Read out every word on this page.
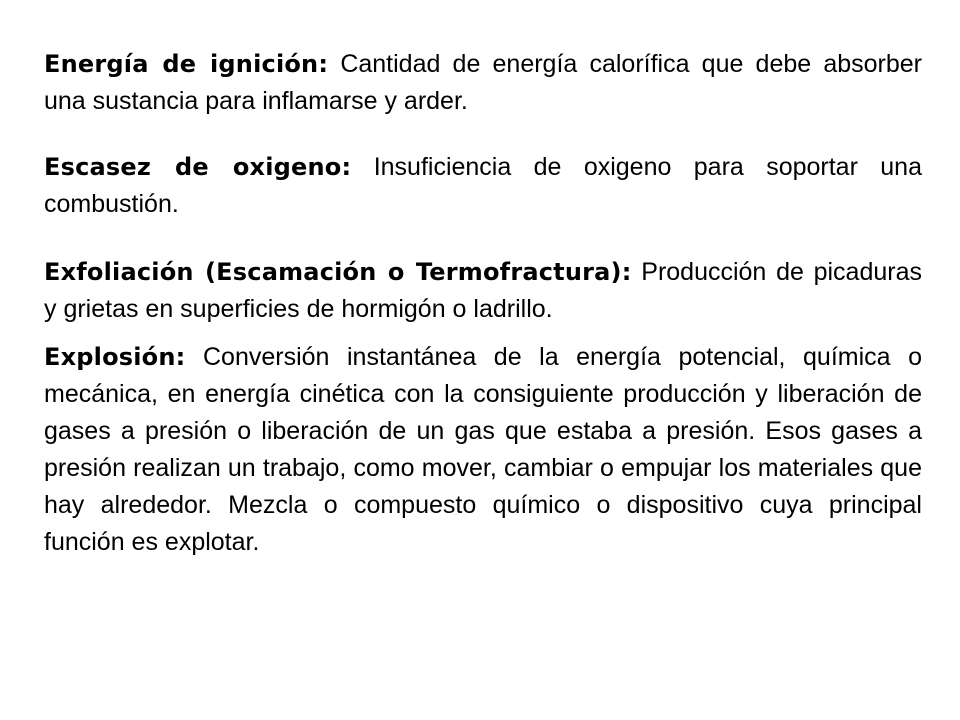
Energía de ignición: Cantidad de energía calorífica que debe absorber una sustancia para inflamarse y arder.

Escasez de oxigeno: Insuficiencia de oxigeno para soportar una combustión.

Exfoliación (Escamación o Termofractura): Producción de picaduras y grietas en superficies de hormigón o ladrillo.

Explosión: Conversión instantánea de la energía potencial, química o mecánica, en energía cinética con la consiguiente producción y liberación de gases a presión o liberación de un gas que estaba a presión. Esos gases a presión realizan un trabajo, como mover, cambiar o empujar los materiales que hay alrededor. Mezcla o compuesto químico o dispositivo cuya principal función es explotar.
